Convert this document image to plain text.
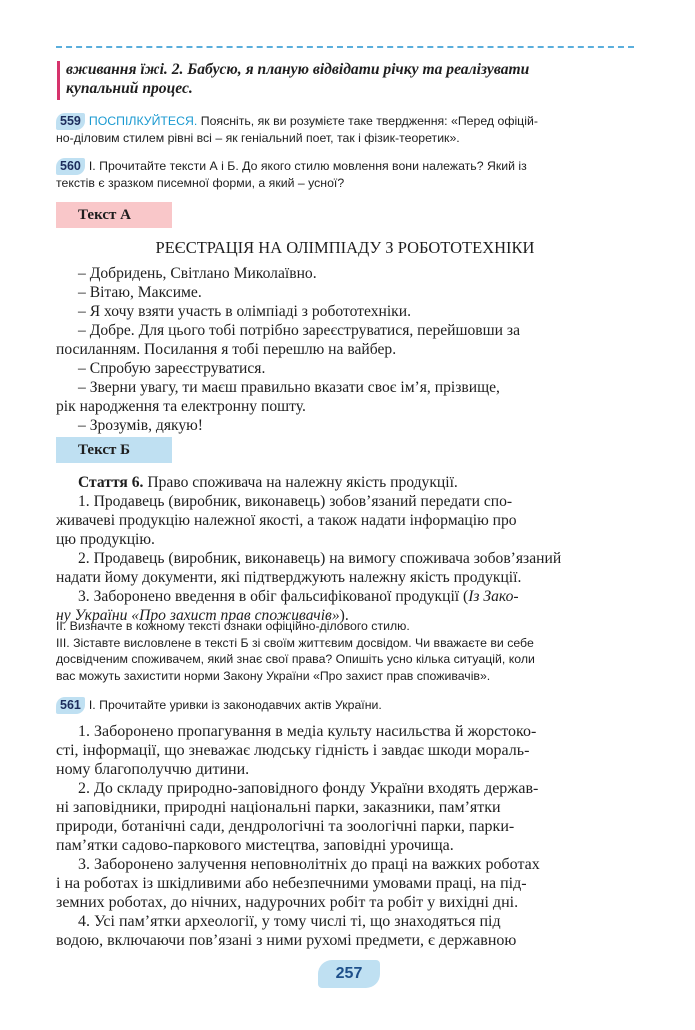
вживання їжі. 2. Бабусю, я планую відвідати річку та реалізувати

купальний процес.

559 ПОСПІЛКУЙТЕСЯ. Поясніть, як ви розумієте таке твердження: «Перед офіцій-

но-діловим стилем рівні всі – як геніальний поет, так і фізик-теоретик».

560 I. Прочитайте тексти А і Б. До якого стилю мовлення вони належать? Який із

текстів є зразком писемної форми, а який – усної?

Текст А
РЕЄСТРАЦІЯ НА ОЛІМПІАДУ З РОБОТОТЕХНІКИ

– Добридень, Світлано Миколаївно.

– Вітаю, Максиме.

– Я хочу взяти участь в олімпіаді з робототехніки.

– Добре. Для цього тобі потрібно зареєструватися, перейшовши за

посиланням. Посилання я тобі перешлю на вайбер.

– Спробую зареєструватися.

– Зверни увагу, ти маєш правильно вказати своє ім’я, прізвище,

рік народження та електронну пошту.

– Зрозумів, дякую!

Текст Б

Стаття 6. Право споживача на належну якість продукції.

1. Продавець (виробник, виконавець) зобов’язаний передати спо-

живачеві продукцію належної якості, а також надати інформацію про

цю продукцію.

2. Продавець (виробник, виконавець) на вимогу споживача зобов’язаний

надати йому документи, які підтверджують належну якість продукції.

3. Заборонено введення в обіг фальсифікованої продукції (Із Зако-

ну України «Про захист прав споживачів»).

II. Визначте в кожному тексті ознаки офіційно-ділового стилю.

III. Зіставте висловлене в тексті Б зі своїм життєвим досвідом. Чи вважаєте ви себе

досвідченим споживачем, який знає свої права? Опишіть усно кілька ситуацій, коли

вас можуть захистити норми Закону України «Про захист прав споживачів».

561 I. Прочитайте уривки із законодавчих актів України.

1. Заборонено пропагування в медіа культу насильства й жорстоко-

сті, інформації, що зневажає людську гідність і завдає шкоди мораль-

ному благополуччю дитини.

2. До складу природно-заповідного фонду України входять держав-

ні заповідники, природні національні парки, заказники, пам’ятки

природи, ботанічні сади, дендрологічні та зоологічні парки, парки-

пам’ятки садово-паркового мистецтва, заповідні урочища.

3. Заборонено залучення неповнолітніх до праці на важких роботах

і на роботах із шкідливими або небезпечними умовами праці, на під-

земних роботах, до нічних, надурочних робіт та робіт у вихідні дні.

4. Усі пам’ятки археології, у тому числі ті, що знаходяться під

водою, включаючи пов’язані з ними рухомі предмети, є державною

257
